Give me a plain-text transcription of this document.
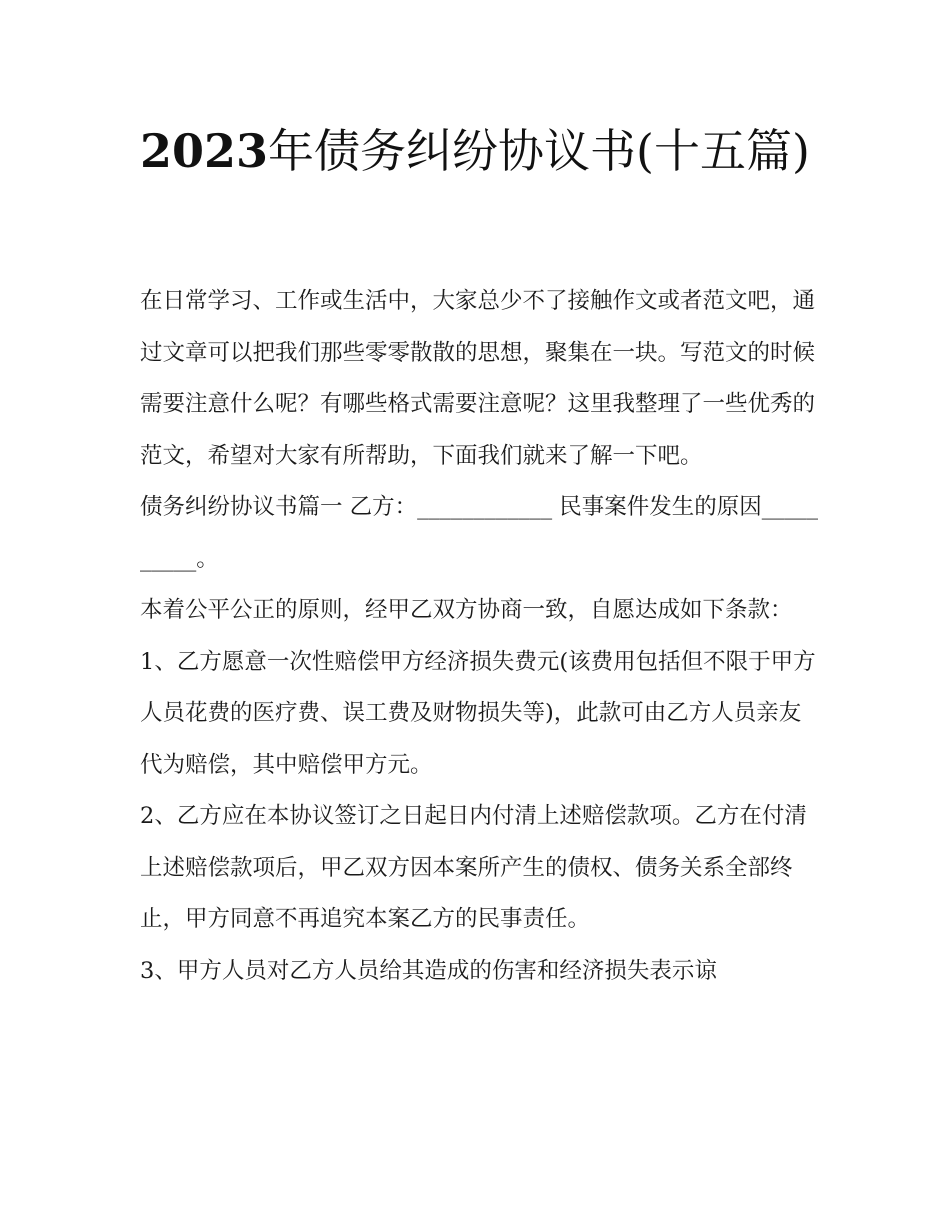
2023年债务纠纷协议书(十五篇)

在日常学习、工作或生活中，大家总少不了接触作文或者范文吧，通过文章可以把我们那些零零散散的思想，聚集在一块。写范文的时候需要注意什么呢？有哪些格式需要注意呢？这里我整理了一些优秀的范文，希望对大家有所帮助，下面我们就来了解一下吧。

债务纠纷协议书篇一 乙方：____________ 民事案件发生的原因__________。

本着公平公正的原则，经甲乙双方协商一致，自愿达成如下条款：

1、乙方愿意一次性赔偿甲方经济损失费元(该费用包括但不限于甲方人员花费的医疗费、误工费及财物损失等)，此款可由乙方人员亲友代为赔偿，其中赔偿甲方元。

2、乙方应在本协议签订之日起日内付清上述赔偿款项。乙方在付清上述赔偿款项后，甲乙双方因本案所产生的债权、债务关系全部终止，甲方同意不再追究本案乙方的民事责任。

3、甲方人员对乙方人员给其造成的伤害和经济损失表示谅
